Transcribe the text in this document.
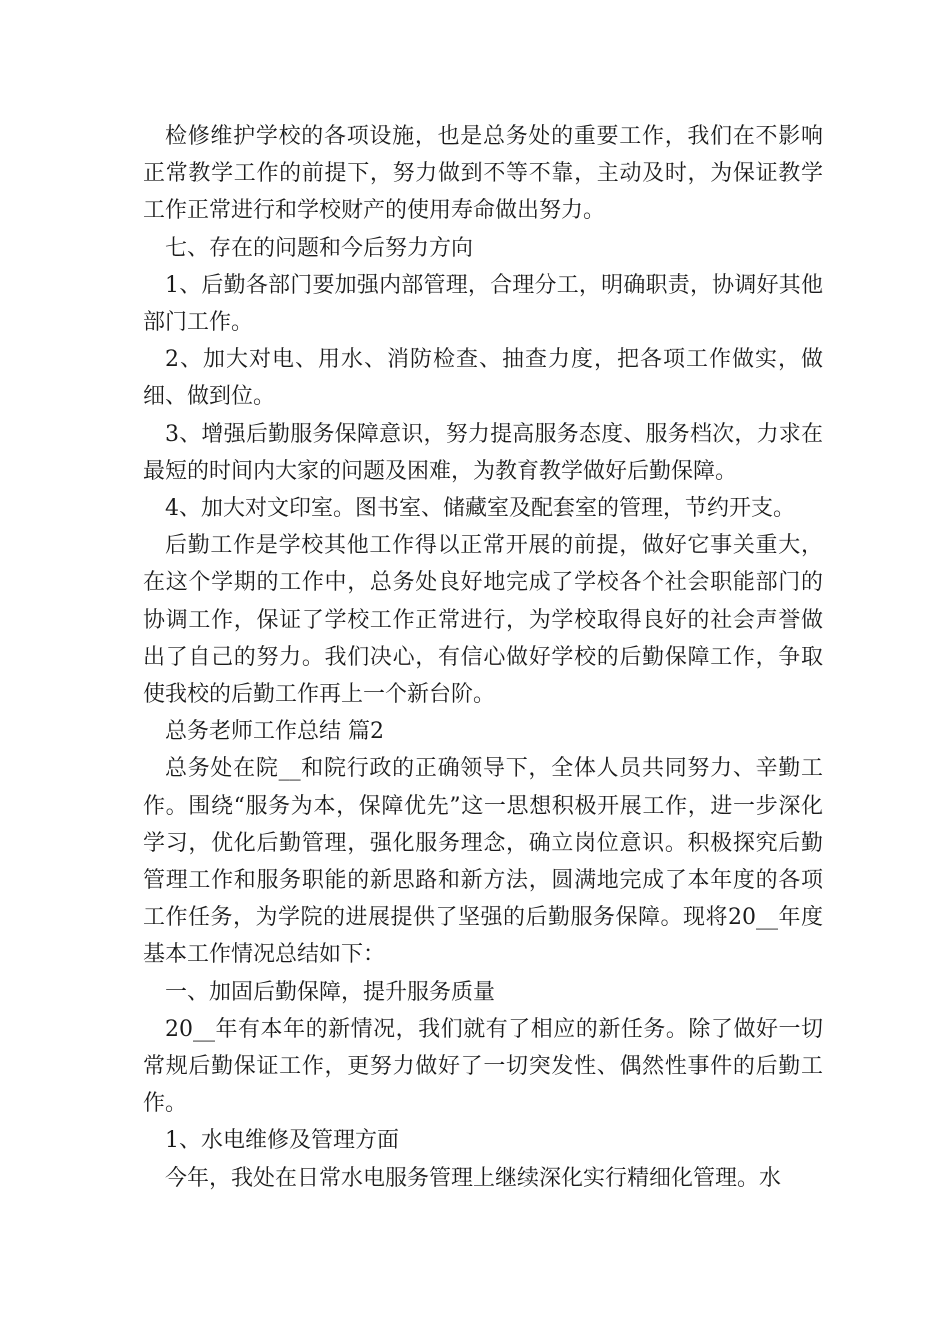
检修维护学校的各项设施，也是总务处的重要工作，我们在不影响正常教学工作的前提下，努力做到不等不靠，主动及时，为保证教学工作正常进行和学校财产的使用寿命做出努力。

七、存在的问题和今后努力方向

1、后勤各部门要加强内部管理，合理分工，明确职责，协调好其他部门工作。

2、加大对电、用水、消防检查、抽查力度，把各项工作做实，做细、做到位。

3、增强后勤服务保障意识，努力提高服务态度、服务档次，力求在最短的时间内大家的问题及困难，为教育教学做好后勤保障。

4、加大对文印室。图书室、储藏室及配套室的管理，节约开支。

后勤工作是学校其他工作得以正常开展的前提，做好它事关重大，在这个学期的工作中，总务处良好地完成了学校各个社会职能部门的协调工作，保证了学校工作正常进行，为学校取得良好的社会声誉做出了自己的努力。我们决心，有信心做好学校的后勤保障工作，争取使我校的后勤工作再上一个新台阶。

总务老师工作总结 篇2

总务处在院__和院行政的正确领导下，全体人员共同努力、辛勤工作。围绕“服务为本，保障优先”这一思想积极开展工作，进一步深化学习，优化后勤管理，强化服务理念，确立岗位意识。积极探究后勤管理工作和服务职能的新思路和新方法，圆满地完成了本年度的各项工作任务，为学院的进展提供了坚强的后勤服务保障。现将20__年度基本工作情况总结如下：

一、加固后勤保障，提升服务质量

20__年有本年的新情况，我们就有了相应的新任务。除了做好一切常规后勤保证工作，更努力做好了一切突发性、偶然性事件的后勤工作。

1、水电维修及管理方面

今年，我处在日常水电服务管理上继续深化实行精细化管理。水
